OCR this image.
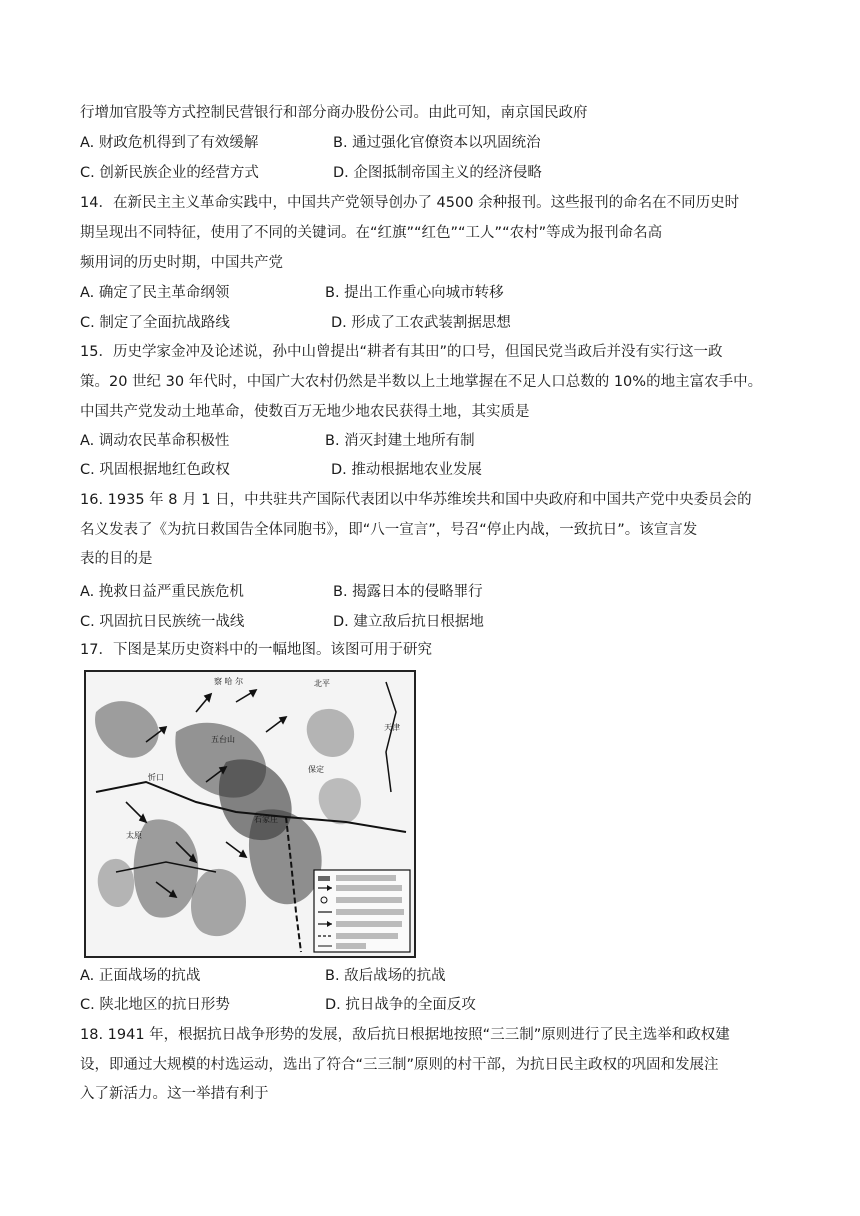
行增加官股等方式控制民营银行和部分商办股份公司。由此可知，南京国民政府
A. 财政危机得到了有效缓解	B. 通过强化官僚资本以巩固统治
C. 创新民族企业的经营方式	D. 企图抵制帝国主义的经济侵略
14．在新民主主义革命实践中，中国共产党领导创办了 4500 余种报刊。这些报刊的命名在不同历史时
期呈现出不同特征，使用了不同的关键词。在“红旗”“红色”“工人”“农村”等成为报刊命名高
频用词的历史时期，中国共产党
A. 确定了民主革命纲领	B. 提出工作重心向城市转移
C. 制定了全面抗战路线	D. 形成了工农武装割据思想
15．历史学家金冲及论述说，孙中山曾提出“耕者有其田”的口号，但国民党当政后并没有实行这一政
策。20 世纪 30 年代时，中国广大农村仍然是半数以上土地掌握在不足人口总数的 10%的地主富农手中。
中国共产党发动土地革命，使数百万无地少地农民获得土地，其实质是
A. 调动农民革命积极性	B. 消灭封建土地所有制
C. 巩固根据地红色政权	D. 推动根据地农业发展
16. 1935 年 8 月 1 日，中共驻共产国际代表团以中华苏维埃共和国中央政府和中国共产党中央委员会的
名义发表了《为抗日救国告全体同胞书》，即“八一宣言”，号召“停止内战，一致抗日”。该宣言发
表的目的是
A. 挽救日益严重民族危机	B. 揭露日本的侵略罪行
C. 巩固抗日民族统一战线	D. 建立敌后抗日根据地
17．下图是某历史资料中的一幅地图。该图可用于研究
察 哈 尔	北平
天津
五台山
忻口
石家庄
保定
太原
A. 正面战场的抗战	B. 敌后战场的抗战
C. 陕北地区的抗日形势	D. 抗日战争的全面反攻
18. 1941 年，根据抗日战争形势的发展，敌后抗日根据地按照“三三制”原则进行了民主选举和政权建
设，即通过大规模的村选运动，选出了符合“三三制”原则的村干部，为抗日民主政权的巩固和发展注
入了新活力。这一举措有利于
